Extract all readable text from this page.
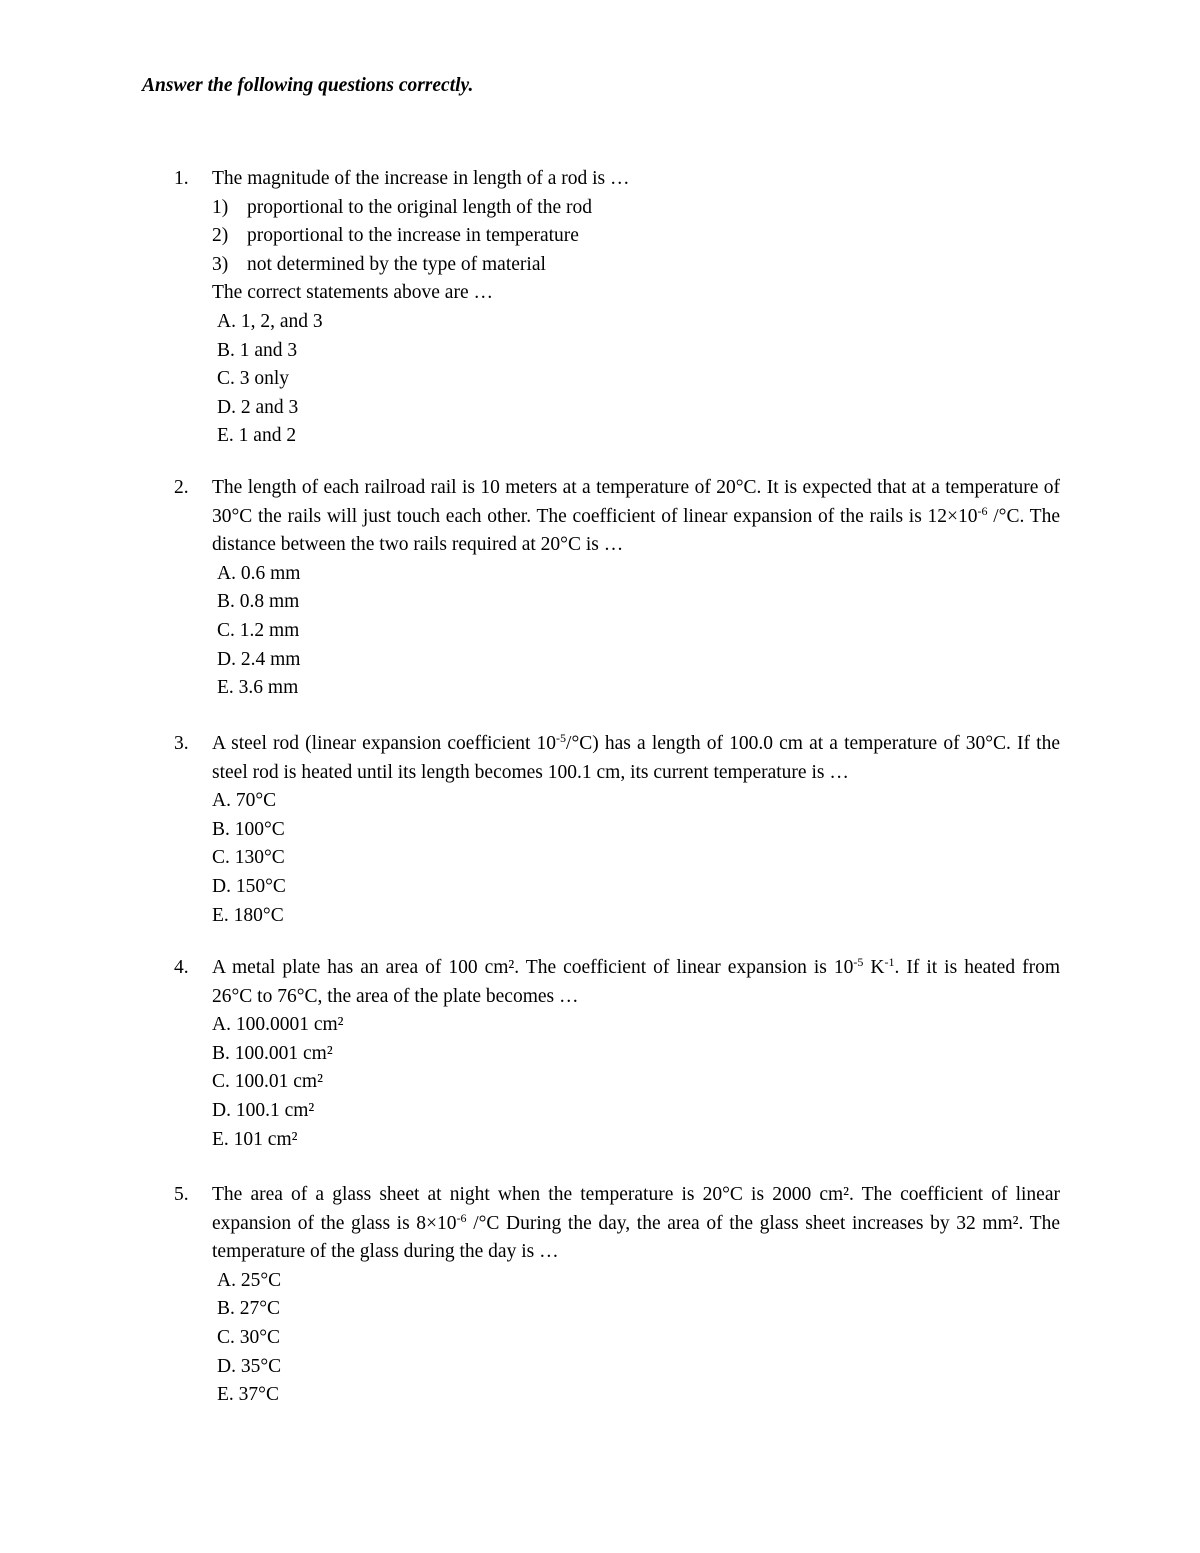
Answer the following questions correctly.
1.	The magnitude of the increase in length of a rod is …

1) proportional to the original length of the rod
2) proportional to the increase in temperature
3) not determined by the type of material

The correct statements above are …

A. 1, 2, and 3
B. 1 and 3
C. 3 only
D. 2 and 3
E. 1 and 2
2.	The length of each railroad rail is 10 meters at a temperature of 20°C. It is expected that at a temperature of 30°C the rails will just touch each other. The coefficient of linear expansion of the rails is $12\times 10^{-6}$ /°C. The distance between the two rails required at 20°C is …

A. 0.6 mm
B. 0.8 mm
C. 1.2 mm
D. 2.4 mm
E. 3.6 mm
3.	A steel rod (linear expansion coefficient $10^{-5}/^\circ C$) has a length of 100.0 cm at a temperature of 30°C. If the steel rod is heated until its length becomes 100.1 cm, its current temperature is …

A. 70°C
B. 100°C
C. 130°C
D. 150°C
E. 180°C
4.	A metal plate has an area of 100 cm². The coefficient of linear expansion is $10^{-5}$ $K^{-1}$. If it is heated from 26°C to 76°C, the area of the plate becomes …

A. 100.0001 cm²
B. 100.001 cm²
C. 100.01 cm²
D. 100.1 cm²
E. 101 cm²
5.	The area of a glass sheet at night when the temperature is 20°C is 2000 cm². The coefficient of linear expansion of the glass is $8\times 10^{-6}$ /°C During the day, the area of the glass sheet increases by 32 mm². The temperature of the glass during the day is …

A. 25°C
B. 27°C
C. 30°C
D. 35°C
E. 37°C
